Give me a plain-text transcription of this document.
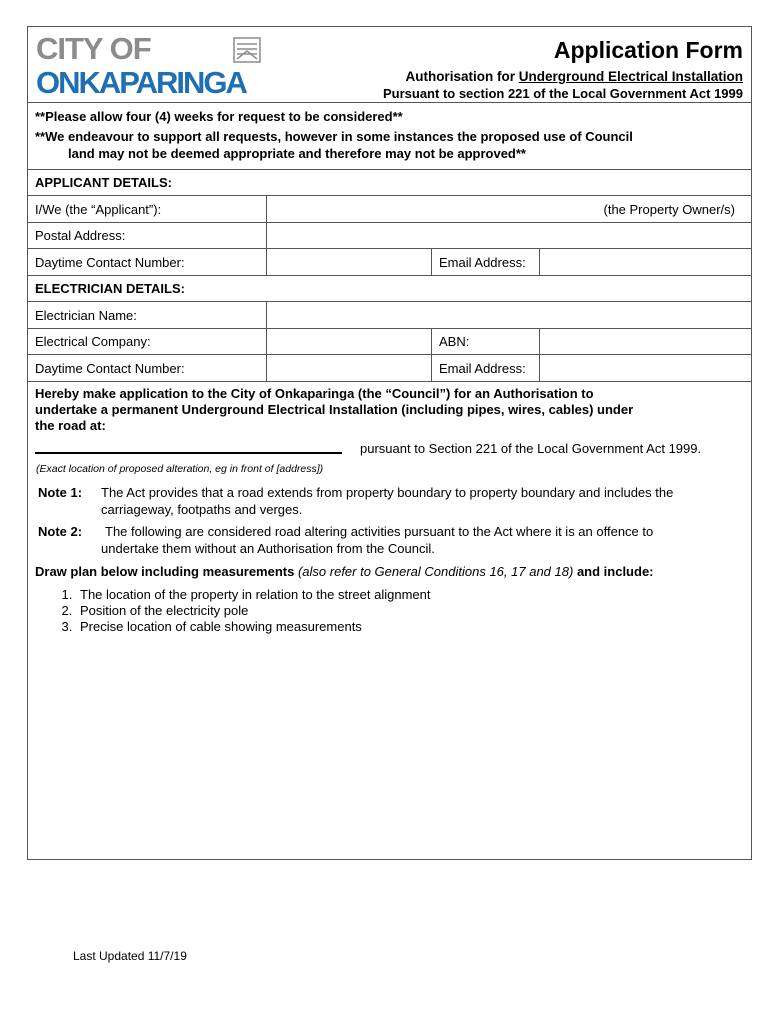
CITY OF
ONKAPARINGA
Application Form
Authorisation for Underground Electrical Installation
Pursuant to section 221 of the Local Government Act 1999
**Please allow four (4) weeks for request to be considered**
**We endeavour to support all requests, however in some instances the proposed use of Council
land may not be deemed appropriate and therefore may not be approved**
APPLICANT DETAILS:
I/We (the “Applicant”):	(the Property Owner/s)
Postal Address:
Daytime Contact Number:	Email Address:
ELECTRICIAN DETAILS:
Electrician Name:
Electrical Company:	ABN:
Daytime Contact Number:	Email Address:
Hereby make application to the City of Onkaparinga (the “Council”) for an Authorisation to
undertake a permanent Underground Electrical Installation (including pipes, wires, cables) under
the road at:
pursuant to Section 221 of the Local Government Act 1999.
(Exact location of proposed alteration, eg in front of [address])
Note 1: The Act provides that a road extends from property boundary to property boundary and includes the
carriageway, footpaths and verges.
Note 2: The following are considered road altering activities pursuant to the Act where it is an offence to
undertake them without an Authorisation from the Council.
Draw plan below including measurements (also refer to General Conditions 16, 17 and 18) and include:
1. The location of the property in relation to the street alignment
2. Position of the electricity pole
3. Precise location of cable showing measurements
Last Updated 11/7/19
